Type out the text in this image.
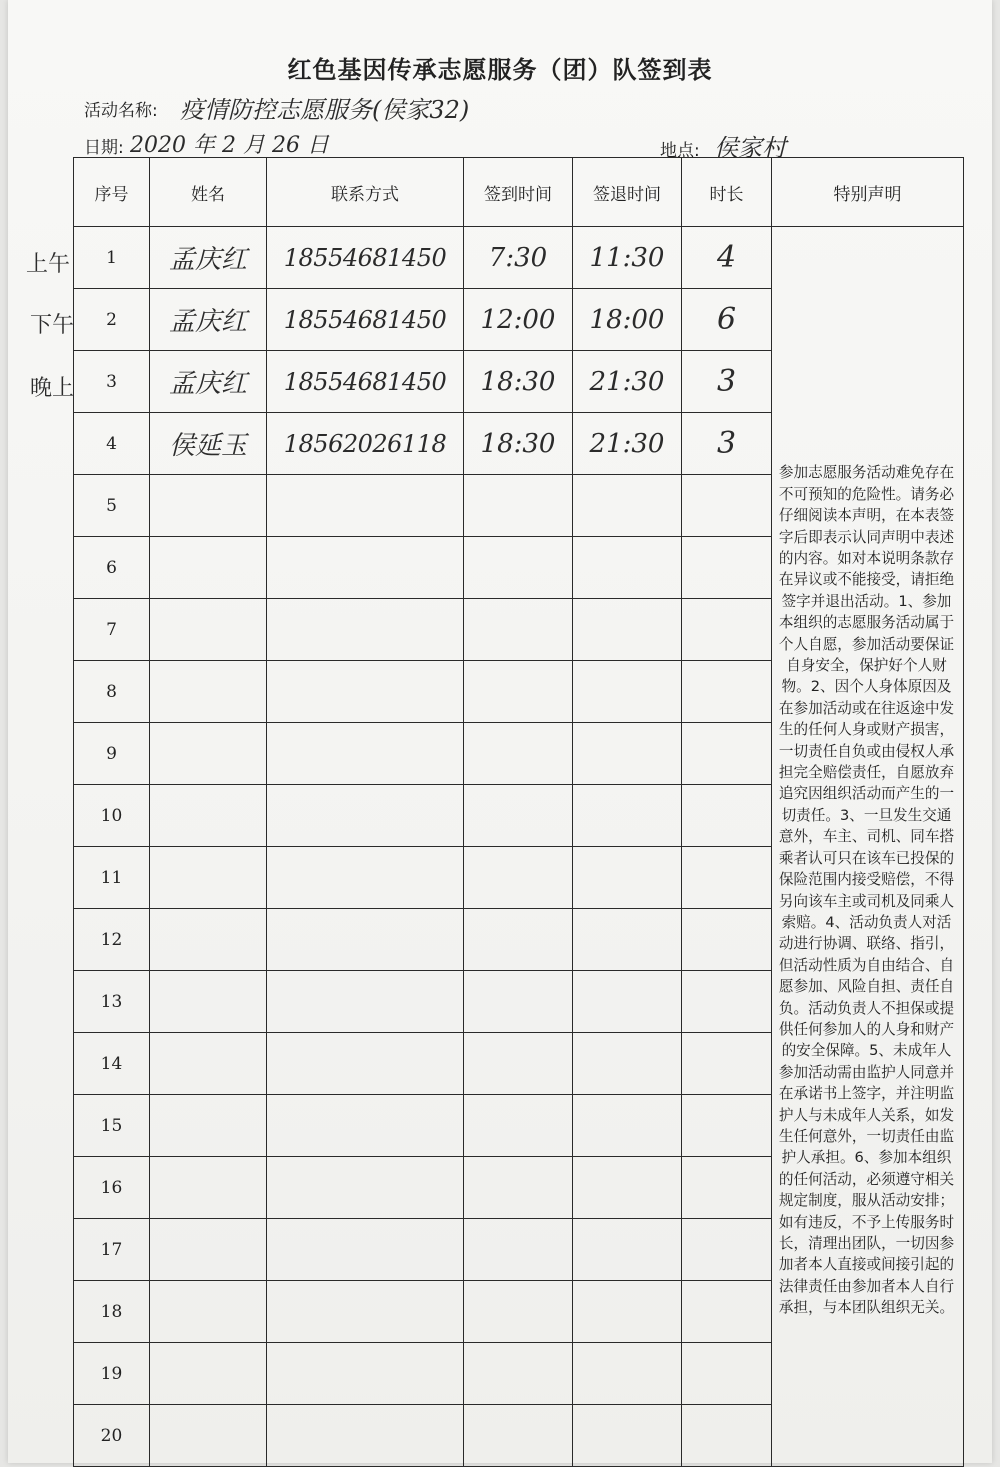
红色基因传承志愿服务（团）队签到表
活动名称: 疫情防控志愿服务(侯家32)
日期: 2020 年 2 月 26 日	地点: 侯家村
上午
下午
晚上
序号	姓名	联系方式	签到时间	签退时间	时长	特别声明
1	孟庆红	18554681450	7:30	11:30	4	参加志愿服务活动难免存在不可预知的危险性。请务必仔细阅读本声明，在本表签字后即表示认同声明中表述的内容。如对本说明条款存在异议或不能接受，请拒绝签字并退出活动。1、参加本组织的志愿服务活动属于个人自愿，参加活动要保证自身安全，保护好个人财物。2、因个人身体原因及在参加活动或在往返途中发生的任何人身或财产损害，一切责任自负或由侵权人承担完全赔偿责任，自愿放弃追究因组织活动而产生的一切责任。3、一旦发生交通意外，车主、司机、同车搭乘者认可只在该车已投保的保险范围内接受赔偿，不得另向该车主或司机及同乘人索赔。4、活动负责人对活动进行协调、联络、指引，但活动性质为自由结合、自愿参加、风险自担、责任自负。活动负责人不担保或提供任何参加人的人身和财产的安全保障。5、未成年人参加活动需由监护人同意并在承诺书上签字，并注明监护人与未成年人关系，如发生任何意外，一切责任由监护人承担。6、参加本组织的任何活动，必须遵守相关规定制度，服从活动安排；如有违反，不予上传服务时长，清理出团队，一切因参加者本人直接或间接引起的法律责任由参加者本人自行承担，与本团队组织无关。
2	孟庆红	18554681450	12:00	18:00	6	
3	孟庆红	18554681450	18:30	21:30	3	
4	侯延玉	18562026118	18:30	21:30	3	
5						
6						
7						
8						
9						
10						
11						
12						
13						
14						
15						
16						
17						
18						
19						
20						
